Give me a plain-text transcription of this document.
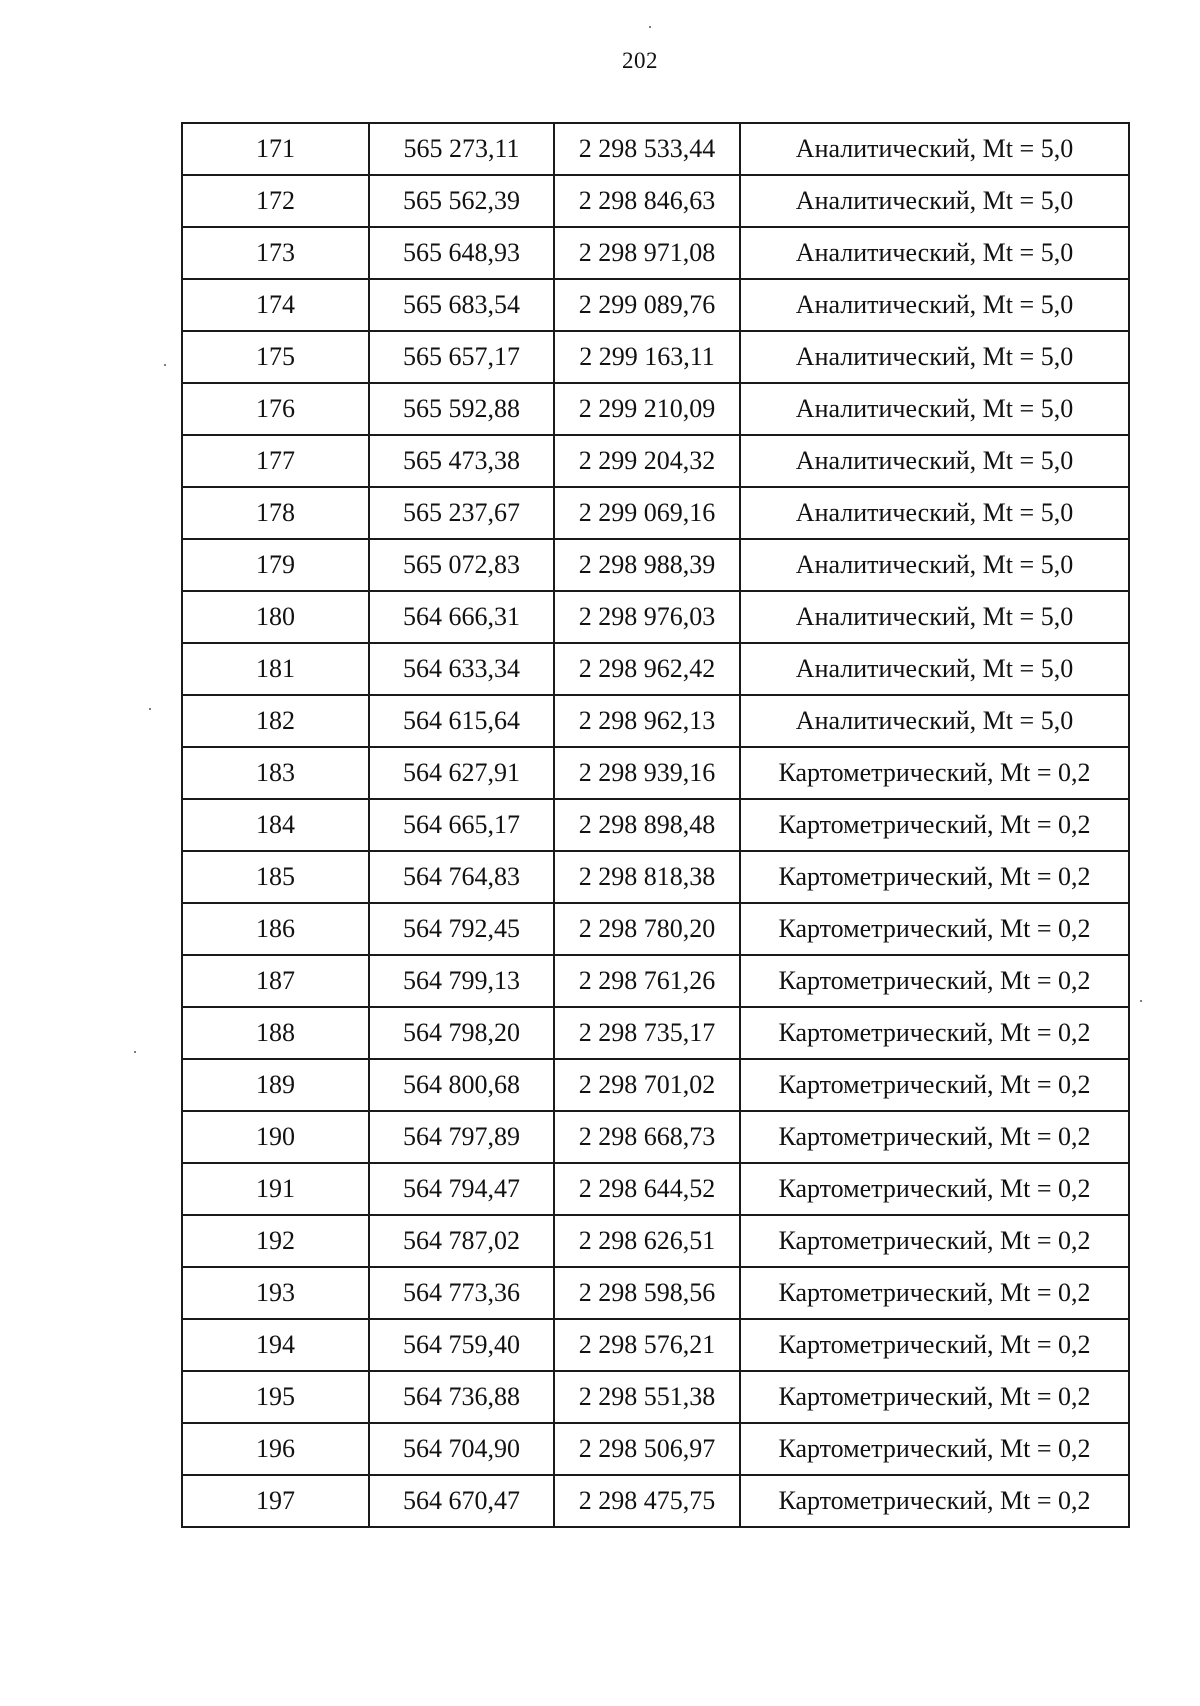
202
171	565 273,11	2 298 533,44	Аналитический, Mt = 5,0
172	565 562,39	2 298 846,63	Аналитический, Mt = 5,0
173	565 648,93	2 298 971,08	Аналитический, Mt = 5,0
174	565 683,54	2 299 089,76	Аналитический, Mt = 5,0
175	565 657,17	2 299 163,11	Аналитический, Mt = 5,0
176	565 592,88	2 299 210,09	Аналитический, Mt = 5,0
177	565 473,38	2 299 204,32	Аналитический, Mt = 5,0
178	565 237,67	2 299 069,16	Аналитический, Mt = 5,0
179	565 072,83	2 298 988,39	Аналитический, Mt = 5,0
180	564 666,31	2 298 976,03	Аналитический, Mt = 5,0
181	564 633,34	2 298 962,42	Аналитический, Mt = 5,0
182	564 615,64	2 298 962,13	Аналитический, Mt = 5,0
183	564 627,91	2 298 939,16	Картометрический, Mt = 0,2
184	564 665,17	2 298 898,48	Картометрический, Mt = 0,2
185	564 764,83	2 298 818,38	Картометрический, Mt = 0,2
186	564 792,45	2 298 780,20	Картометрический, Mt = 0,2
187	564 799,13	2 298 761,26	Картометрический, Mt = 0,2
188	564 798,20	2 298 735,17	Картометрический, Mt = 0,2
189	564 800,68	2 298 701,02	Картометрический, Mt = 0,2
190	564 797,89	2 298 668,73	Картометрический, Mt = 0,2
191	564 794,47	2 298 644,52	Картометрический, Mt = 0,2
192	564 787,02	2 298 626,51	Картометрический, Mt = 0,2
193	564 773,36	2 298 598,56	Картометрический, Mt = 0,2
194	564 759,40	2 298 576,21	Картометрический, Mt = 0,2
195	564 736,88	2 298 551,38	Картометрический, Mt = 0,2
196	564 704,90	2 298 506,97	Картометрический, Mt = 0,2
197	564 670,47	2 298 475,75	Картометрический, Mt = 0,2
